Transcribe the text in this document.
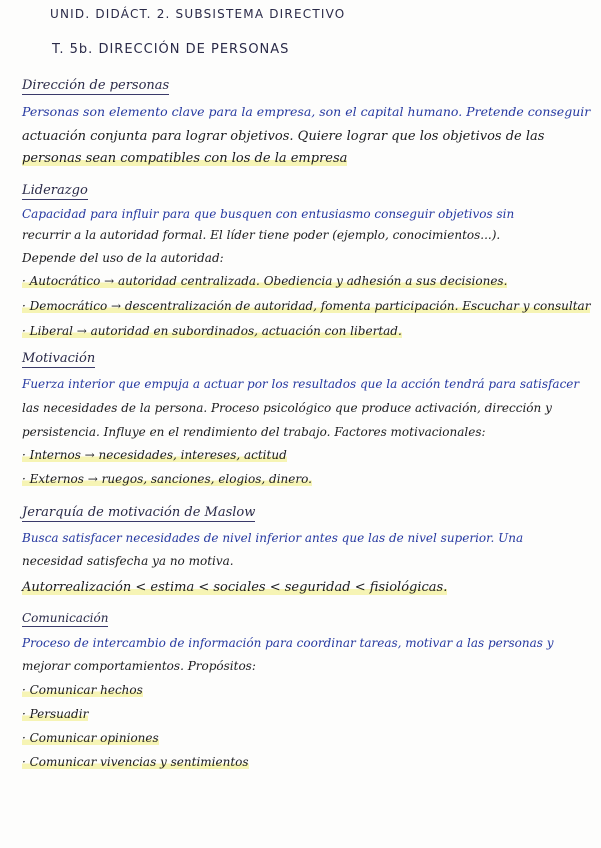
UNID. DIDÁCT. 2. SUBSISTEMA DIRECTIVO
T. 5b. DIRECCIÓN DE PERSONAS
Dirección de personas
Personas son elemento clave para la empresa, son el capital humano. Pretende conseguir
actuación conjunta para lograr objetivos. Quiere lograr que los objetivos de las
personas sean compatibles con los de la empresa
Liderazgo
Capacidad para influir para que busquen con entusiasmo conseguir objetivos sin
recurrir a la autoridad formal. El líder tiene poder (ejemplo, conocimientos...).
Depende del uso de la autoridad:
· Autocrático → autoridad centralizada. Obediencia y adhesión a sus decisiones.
· Democrático → descentralización de autoridad, fomenta participación. Escuchar y consultar
· Liberal → autoridad en subordinados, actuación con libertad.
Motivación
Fuerza interior que empuja a actuar por los resultados que la acción tendrá para satisfacer
las necesidades de la persona. Proceso psicológico que produce activación, dirección y
persistencia. Influye en el rendimiento del trabajo. Factores motivacionales:
· Internos → necesidades, intereses, actitud
· Externos → ruegos, sanciones, elogios, dinero.
Jerarquía de motivación de Maslow
Busca satisfacer necesidades de nivel inferior antes que las de nivel superior. Una
necesidad satisfecha ya no motiva.
Autorrealización < estima < sociales < seguridad < fisiológicas.
Comunicación
Proceso de intercambio de información para coordinar tareas, motivar a las personas y
mejorar comportamientos. Propósitos:
· Comunicar hechos
· Persuadir
· Comunicar opiniones
· Comunicar vivencias y sentimientos
